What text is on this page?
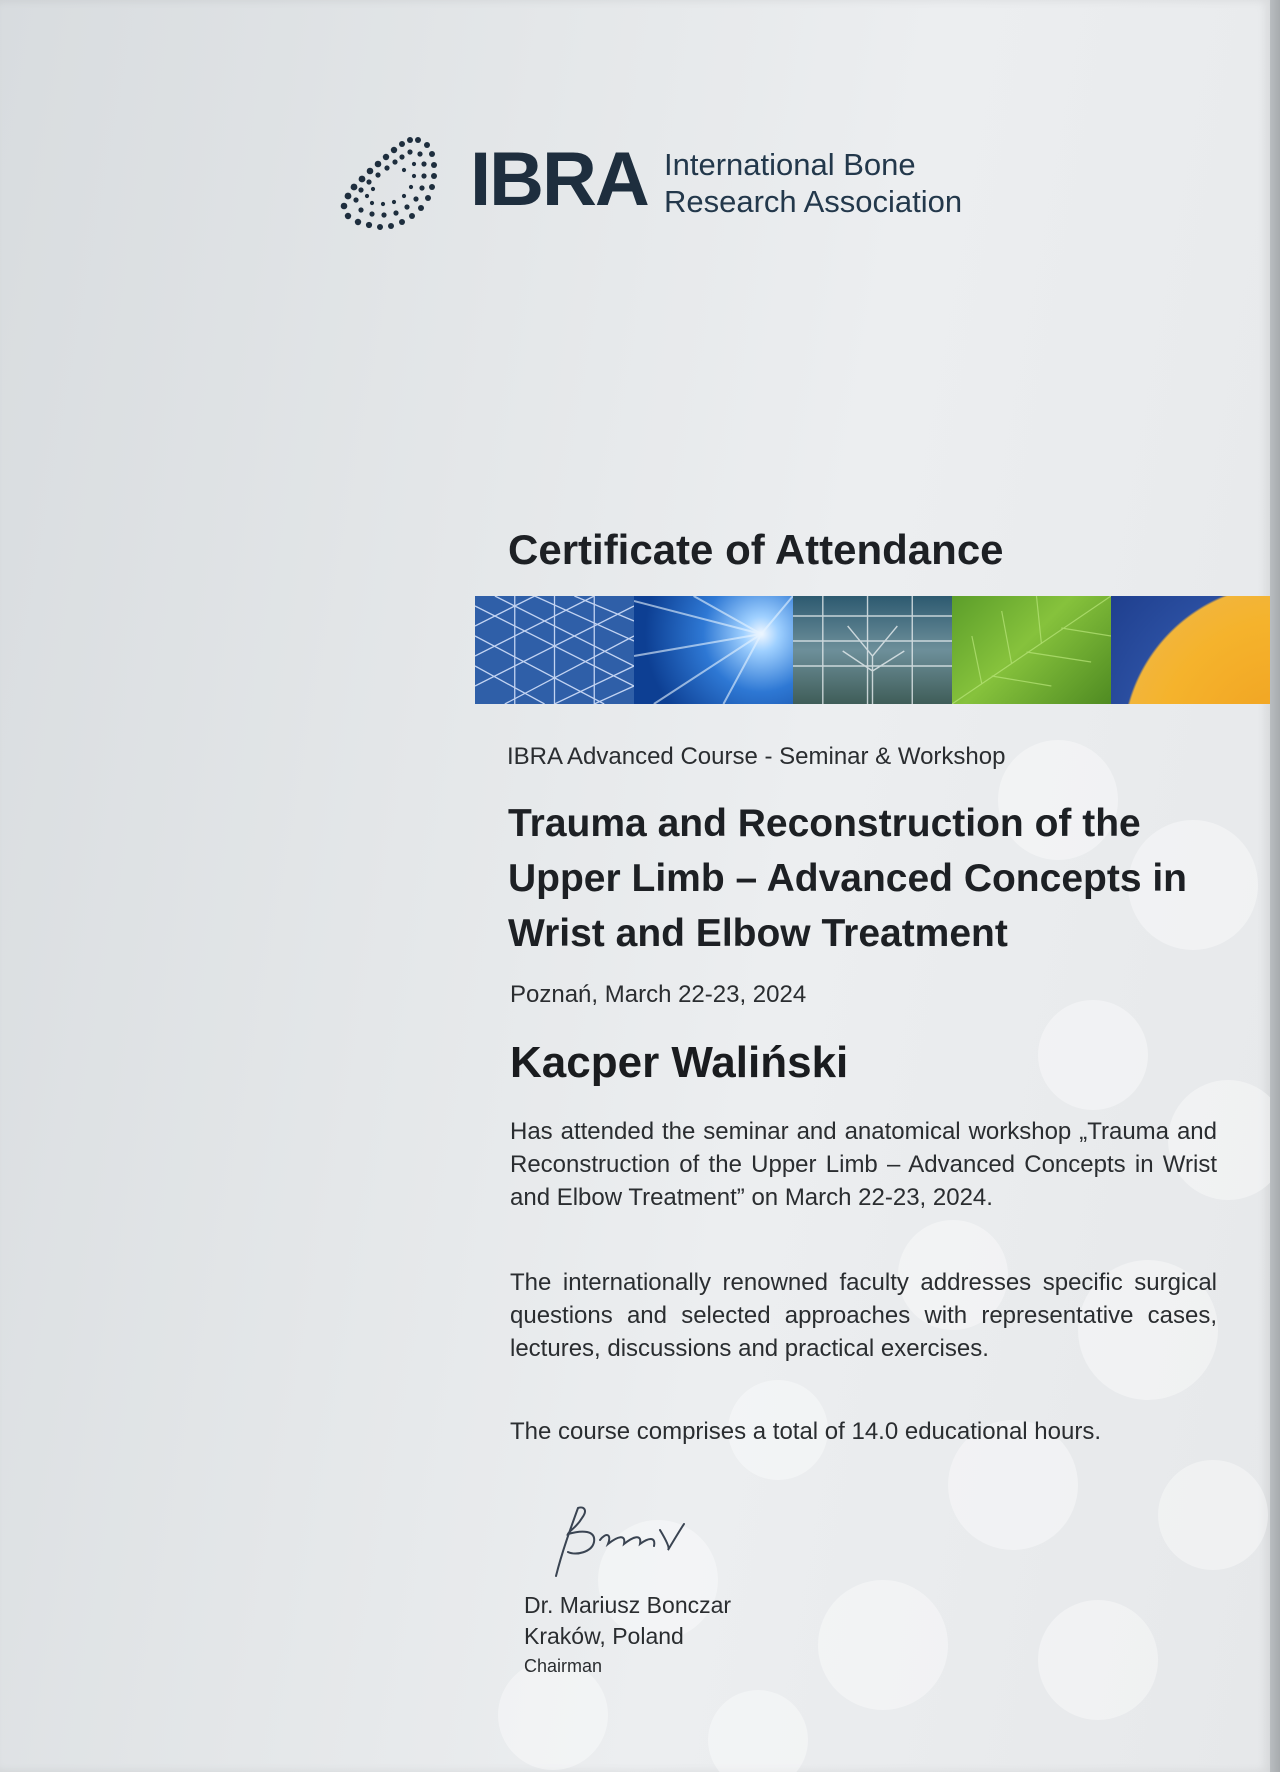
IBRA International Bone
Research Association
Certificate of Attendance
IBRA Advanced Course - Seminar & Workshop
Trauma and Reconstruction of the Upper Limb – Advanced Concepts in Wrist and Elbow Treatment
Poznań, March 22-23, 2024
Kacper Waliński

Has attended the seminar and anatomical workshop „Trauma and Reconstruction of the Upper Limb – Advanced Concepts in Wrist and Elbow Treatment” on March 22-23, 2024.

The internationally renowned faculty addresses specific surgical questions and selected approaches with representative cases, lectures, discussions and practical exercises.

The course comprises a total of 14.0 educational hours.

Dr. Mariusz Bonczar
Kraków, Poland
Chairman
